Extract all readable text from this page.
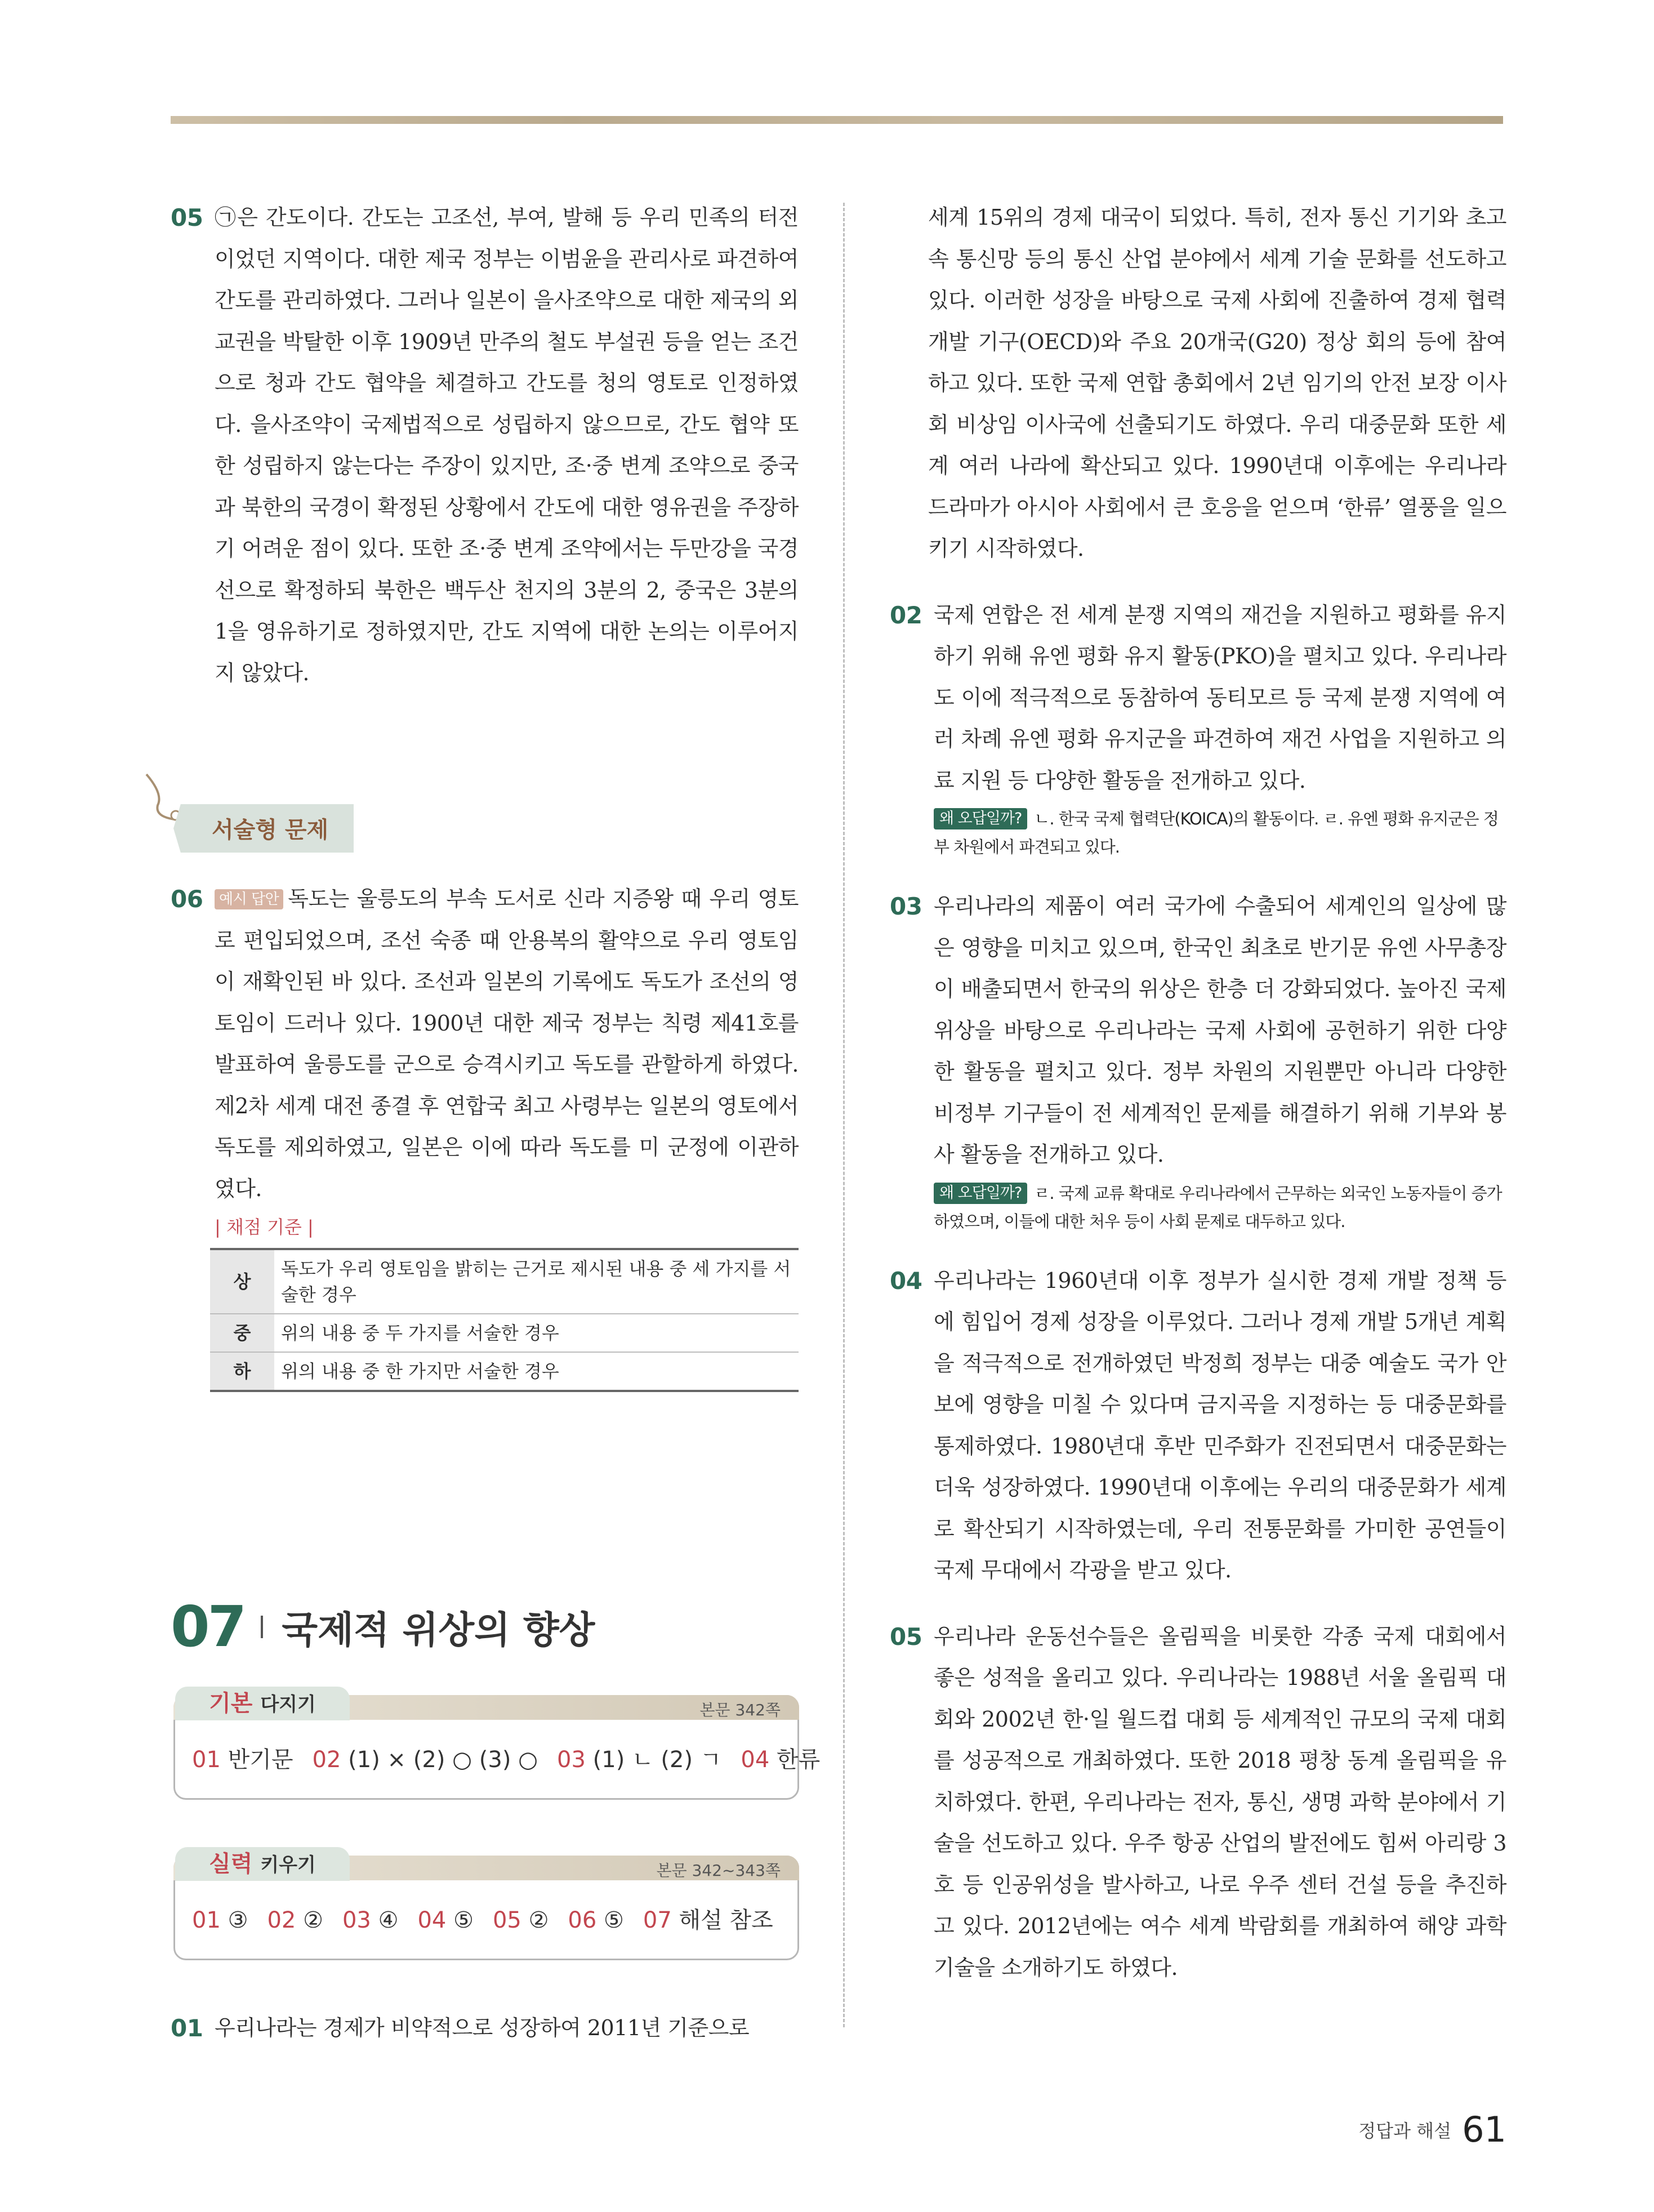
05 ㉠은 간도이다. 간도는 고조선, 부여, 발해 등 우리 민족의 터전이었던 지역이다. 대한 제국 정부는 이범윤을 관리사로 파견하여 간도를 관리하였다. 그러나 일본이 을사조약으로 대한 제국의 외교권을 박탈한 이후 1909년 만주의 철도 부설권 등을 얻는 조건으로 청과 간도 협약을 체결하고 간도를 청의 영토로 인정하였다. 을사조약이 국제법적으로 성립하지 않으므로, 간도 협약 또한 성립하지 않는다는 주장이 있지만, 조·중 변계 조약으로 중국과 북한의 국경이 확정된 상황에서 간도에 대한 영유권을 주장하기 어려운 점이 있다. 또한 조·중 변계 조약에서는 두만강을 국경선으로 확정하되 북한은 백두산 천지의 3분의 2, 중국은 3분의 1을 영유하기로 정하였지만, 간도 지역에 대한 논의는 이루어지지 않았다.
서술형 문제
06 예시 답안 독도는 울릉도의 부속 도서로 신라 지증왕 때 우리 영토로 편입되었으며, 조선 숙종 때 안용복의 활약으로 우리 영토임이 재확인된 바 있다. 조선과 일본의 기록에도 독도가 조선의 영토임이 드러나 있다. 1900년 대한 제국 정부는 칙령 제41호를 발표하여 울릉도를 군으로 승격시키고 독도를 관할하게 하였다. 제2차 세계 대전 종결 후 연합국 최고 사령부는 일본의 영토에서 독도를 제외하였고, 일본은 이에 따라 독도를 미 군정에 이관하였다.
| 채점 기준 |
상	독도가 우리 영토임을 밝히는 근거로 제시된 내용 중 세 가지를 서술한 경우
중	위의 내용 중 두 가지를 서술한 경우
하	위의 내용 중 한 가지만 서술한 경우
07 국제적 위상의 향상
기본 다지기	본문 342쪽
01 반기문 02 (1) × (2) ○ (3) ○ 03 (1) ㄴ (2) ㄱ 04 한류
실력 키우기	본문 342~343쪽
01 ③ 02 ② 03 ④ 04 ⑤ 05 ② 06 ⑤ 07 해설 참조
01 우리나라는 경제가 비약적으로 성장하여 2011년 기준으로
세계 15위의 경제 대국이 되었다. 특히, 전자 통신 기기와 초고속 통신망 등의 통신 산업 분야에서 세계 기술 문화를 선도하고 있다. 이러한 성장을 바탕으로 국제 사회에 진출하여 경제 협력 개발 기구(OECD)와 주요 20개국(G20) 정상 회의 등에 참여하고 있다. 또한 국제 연합 총회에서 2년 임기의 안전 보장 이사회 비상임 이사국에 선출되기도 하였다. 우리 대중문화 또한 세계 여러 나라에 확산되고 있다. 1990년대 이후에는 우리나라 드라마가 아시아 사회에서 큰 호응을 얻으며 ‘한류’ 열풍을 일으키기 시작하였다.
02 국제 연합은 전 세계 분쟁 지역의 재건을 지원하고 평화를 유지하기 위해 유엔 평화 유지 활동(PKO)을 펼치고 있다. 우리나라도 이에 적극적으로 동참하여 동티모르 등 국제 분쟁 지역에 여러 차례 유엔 평화 유지군을 파견하여 재건 사업을 지원하고 의료 지원 등 다양한 활동을 전개하고 있다.
왜 오답일까? ㄴ. 한국 국제 협력단(KOICA)의 활동이다. ㄹ. 유엔 평화 유지군은 정부 차원에서 파견되고 있다.
03 우리나라의 제품이 여러 국가에 수출되어 세계인의 일상에 많은 영향을 미치고 있으며, 한국인 최초로 반기문 유엔 사무총장이 배출되면서 한국의 위상은 한층 더 강화되었다. 높아진 국제 위상을 바탕으로 우리나라는 국제 사회에 공헌하기 위한 다양한 활동을 펼치고 있다. 정부 차원의 지원뿐만 아니라 다양한 비정부 기구들이 전 세계적인 문제를 해결하기 위해 기부와 봉사 활동을 전개하고 있다.
왜 오답일까? ㄹ. 국제 교류 확대로 우리나라에서 근무하는 외국인 노동자들이 증가하였으며, 이들에 대한 처우 등이 사회 문제로 대두하고 있다.
04 우리나라는 1960년대 이후 정부가 실시한 경제 개발 정책 등에 힘입어 경제 성장을 이루었다. 그러나 경제 개발 5개년 계획을 적극적으로 전개하였던 박정희 정부는 대중 예술도 국가 안보에 영향을 미칠 수 있다며 금지곡을 지정하는 등 대중문화를 통제하였다. 1980년대 후반 민주화가 진전되면서 대중문화는 더욱 성장하였다. 1990년대 이후에는 우리의 대중문화가 세계로 확산되기 시작하였는데, 우리 전통문화를 가미한 공연들이 국제 무대에서 각광을 받고 있다.
05 우리나라 운동선수들은 올림픽을 비롯한 각종 국제 대회에서 좋은 성적을 올리고 있다. 우리나라는 1988년 서울 올림픽 대회와 2002년 한·일 월드컵 대회 등 세계적인 규모의 국제 대회를 성공적으로 개최하였다. 또한 2018 평창 동계 올림픽을 유치하였다. 한편, 우리나라는 전자, 통신, 생명 과학 분야에서 기술을 선도하고 있다. 우주 항공 산업의 발전에도 힘써 아리랑 3호 등 인공위성을 발사하고, 나로 우주 센터 건설 등을 추진하고 있다. 2012년에는 여수 세계 박람회를 개최하여 해양 과학 기술을 소개하기도 하였다.
정답과 해설 61
